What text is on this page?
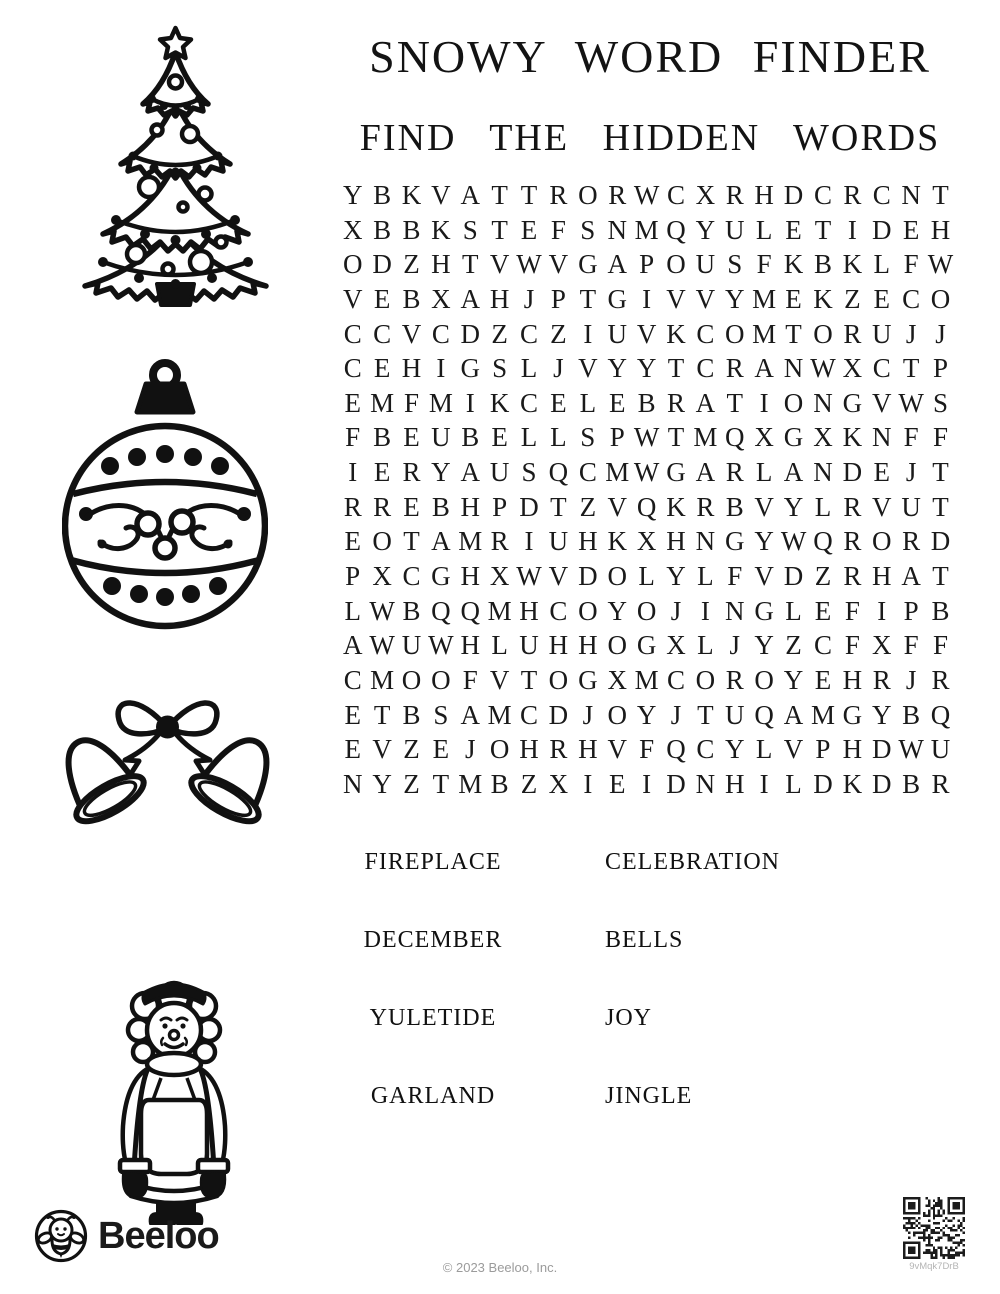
SNOWY WORD FINDER
FIND THE HIDDEN WORDS
Y B K V A T T R O R W C X R H D C R C N T
X B B K S T E F S N M Q Y U L E T I D E H
O D Z H T V W V G A P O U S F K B K L F W
V E B X A H J P T G I V V Y M E K Z E C O
C C V C D Z C Z I U V K C O M T O R U J J
C E H I G S L J V Y Y T C R A N W X C T P
E M F M I K C E L E B R A T I O N G V W S
F B E U B E L L S P W T M Q X G X K N F F
I E R Y A U S Q C M W G A R L A N D E J T
R R E B H P D T Z V Q K R B V Y L R V U T
E O T A M R I U H K X H N G Y W Q R O R D
P X C G H X W V D O L Y L F V D Z R H A T
L W B Q Q M H C O Y O J I N G L E F I P B
A W U W H L U H H O G X L J Y Z C F X F F
C M O O F V T O G X M C O R O Y E H R J R
E T B S A M C D J O Y J T U Q A M G Y B Q
E V Z E J O H R H V F Q C Y L V P H D W U
N Y Z T M B Z X I E I D N H I L D K D B R
FIREPLACE	CELEBRATION
DECEMBER	BELLS
YULETIDE	JOY
GARLAND	JINGLE
Beeloo
© 2023 Beeloo, Inc.	9vMqk7DrB
